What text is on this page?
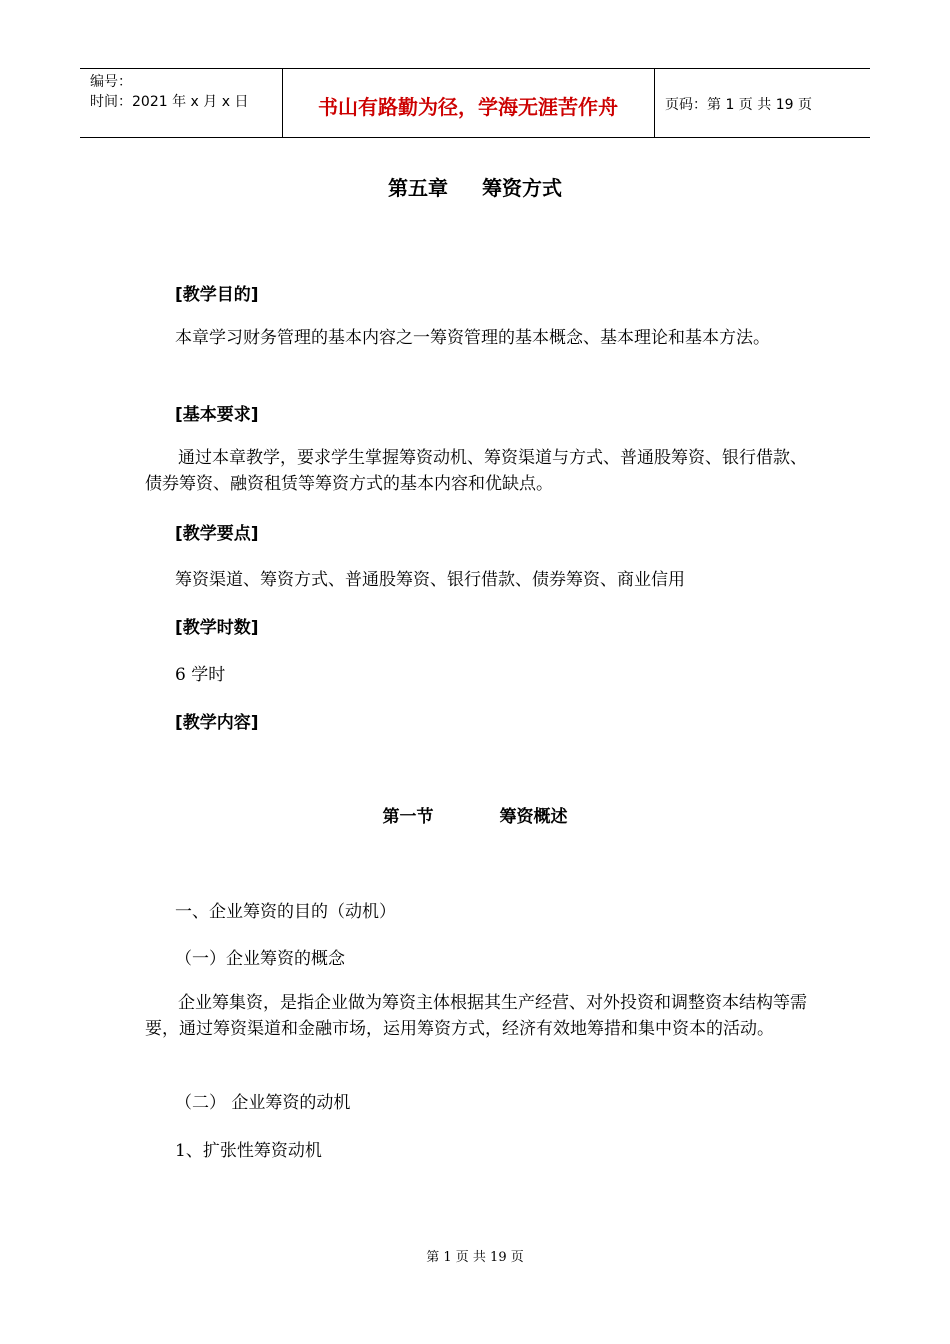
编号：
时间：2021 年 x 月 x 日	书山有路勤为径，学海无涯苦作舟	页码：第 1 页 共 19 页
第五章 筹资方式
[教学目的]
本章学习财务管理的基本内容之一筹资管理的基本概念、基本理论和基本方法。
[基本要求]
通过本章教学，要求学生掌握筹资动机、筹资渠道与方式、普通股筹资、银行借款、债券筹资、融资租赁等筹资方式的基本内容和优缺点。
[教学要点]
筹资渠道、筹资方式、普通股筹资、银行借款、债券筹资、商业信用
[教学时数]
6 学时
[教学内容]
第一节	筹资概述
一、企业筹资的目的（动机）
（一）企业筹资的概念
企业筹集资，是指企业做为筹资主体根据其生产经营、对外投资和调整资本结构等需要，通过筹资渠道和金融市场，运用筹资方式，经济有效地筹措和集中资本的活动。
（二） 企业筹资的动机
1、扩张性筹资动机
第 1 页 共 19 页
